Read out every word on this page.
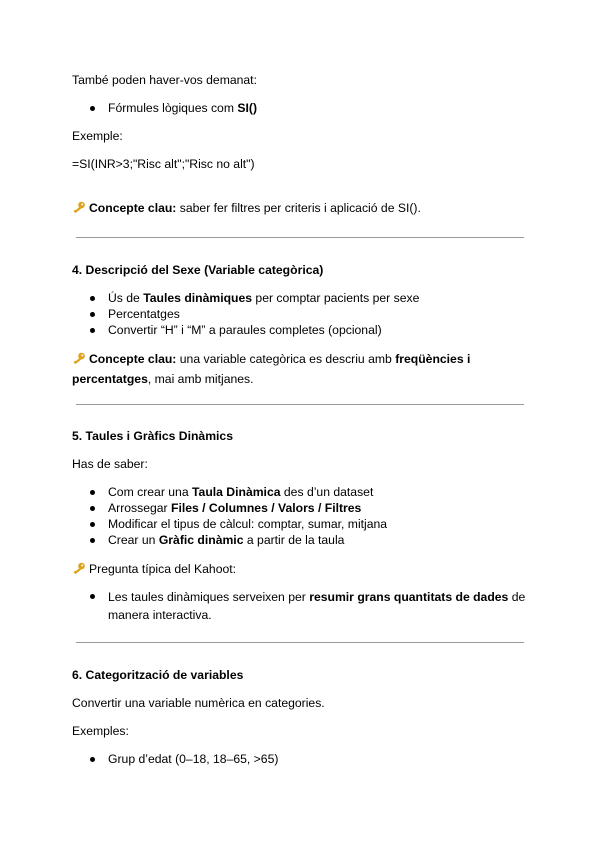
També poden haver-vos demanat:

Fórmules lògiques com SI()

Exemple:

=SI(INR>3;"Risc alt";"Risc no alt")

Concepte clau: saber fer filtres per criteris i aplicació de SI().

4. Descripció del Sexe (Variable categòrica)

Ús de Taules dinàmiques per comptar pacients per sexe
Percentatges
Convertir “H” i “M” a paraules completes (opcional)

Concepte clau: una variable categòrica es descriu amb freqüències i percentatges, mai amb mitjanes.

5. Taules i Gràfics Dinàmics

Has de saber:

Com crear una Taula Dinàmica des d’un dataset
Arrossegar Files / Columnes / Valors / Filtres
Modificar el tipus de càlcul: comptar, sumar, mitjana
Crear un Gràfic dinàmic a partir de la taula

Pregunta típica del Kahoot:

Les taules dinàmiques serveixen per resumir grans quantitats de dades de manera interactiva.

6. Categorització de variables

Convertir una variable numèrica en categories.

Exemples:

Grup d’edat (0–18, 18–65, >65)
